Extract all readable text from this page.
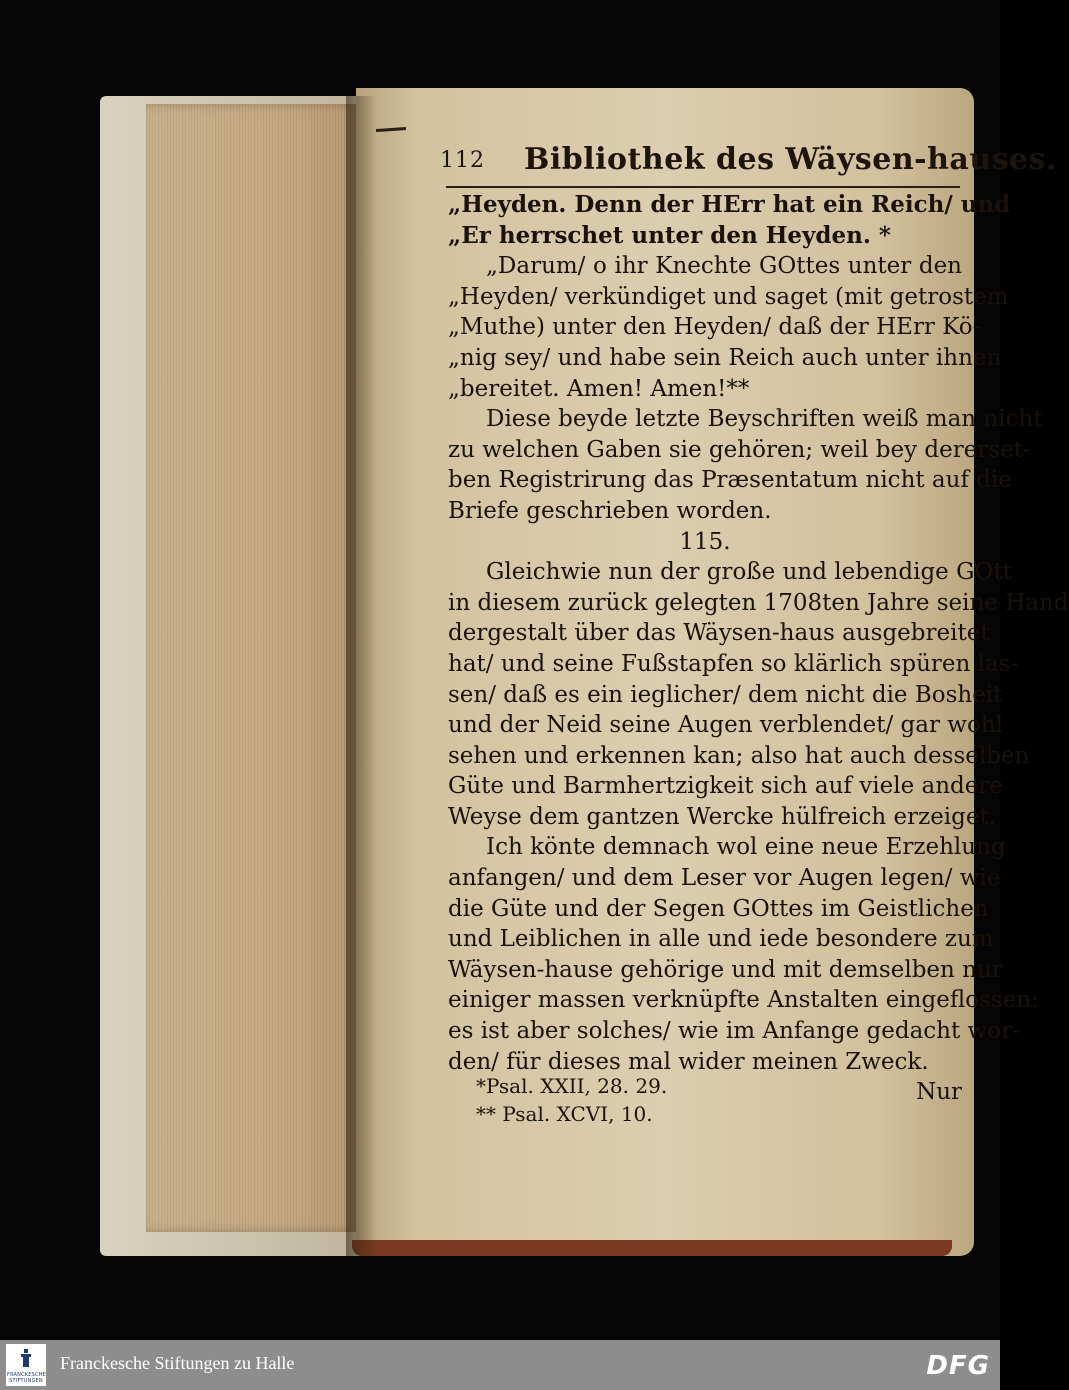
112 Bibliothek des Wäysen-hauses.
„Heyden. Denn der HErr hat ein Reich/ und
„Er herrschet unter den Heyden. *
„Darum/ o ihr Knechte GOttes unter den
„Heyden/ verkündiget und saget (mit getrostem
„Muthe) unter den Heyden/ daß der HErr Kö-
„nig sey/ und habe sein Reich auch unter ihnen
„bereitet. Amen! Amen!**
Diese beyde letzte Beyschriften weiß man nicht
zu welchen Gaben sie gehören; weil bey dererset-
ben Registrirung das Præsentatum nicht auf die
Briefe geschrieben worden.
115.
Gleichwie nun der große und lebendige GOtt
in diesem zurück gelegten 1708ten Jahre seine Hand
dergestalt über das Wäysen-haus ausgebreitet
hat/ und seine Fußstapfen so klärlich spüren las-
sen/ daß es ein ieglicher/ dem nicht die Bosheit
und der Neid seine Augen verblendet/ gar wohl
sehen und erkennen kan; also hat auch desselben
Güte und Barmhertzigkeit sich auf viele andere
Weyse dem gantzen Wercke hülfreich erzeiget.
Ich könte demnach wol eine neue Erzehlung
anfangen/ und dem Leser vor Augen legen/ wie
die Güte und der Segen GOttes im Geistlichen
und Leiblichen in alle und iede besondere zum
Wäysen-hause gehörige und mit demselben nur
einiger massen verknüpfte Anstalten eingeflossen:
es ist aber solches/ wie im Anfange gedacht wor-
den/ für dieses mal wider meinen Zweck.
Nur
*Psal. XXII, 28. 29.
** Psal. XCVI, 10.
FRANCKESCHE
STIFTUNGEN
Franckesche Stiftungen zu Halle	DFG
